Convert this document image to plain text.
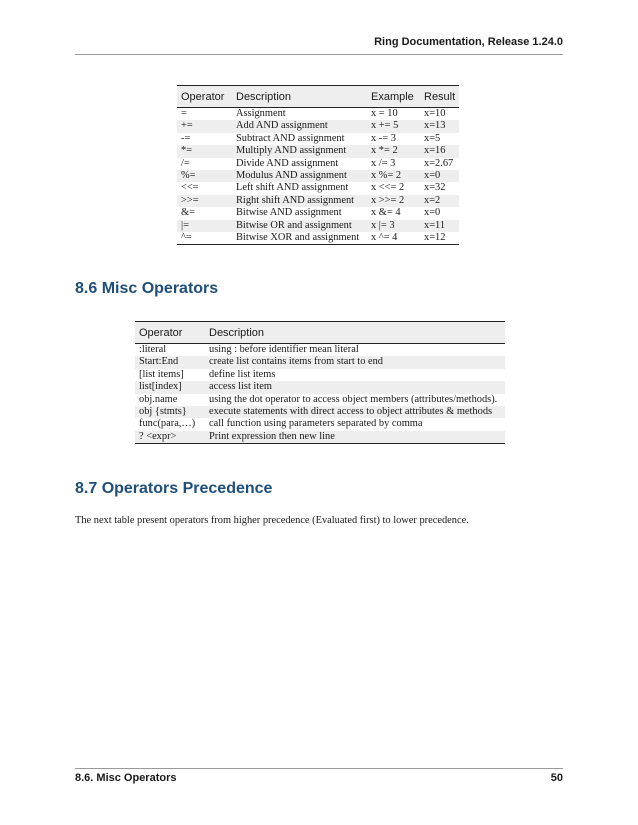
Ring Documentation, Release 1.24.0
Operator	Description	Example	Result
=	Assignment	x = 10	x=10
+=	Add AND assignment	x += 5	x=13
-=	Subtract AND assignment	x -= 3	x=5
*=	Multiply AND assignment	x *= 2	x=16
/=	Divide AND assignment	x /= 3	x=2.67
%=	Modulus AND assignment	x %= 2	x=0
<<=	Left shift AND assignment	x <<= 2	x=32
>>=	Right shift AND assignment	x >>= 2	x=2
&=	Bitwise AND assignment	x &= 4	x=0
|=	Bitwise OR and assignment	x |= 3	x=11
^=	Bitwise XOR and assignment	x ^= 4	x=12
8.6 Misc Operators
Operator	Description
:literal	using : before identifier mean literal
Start:End	create list contains items from start to end
[list items]	define list items
list[index]	access list item
obj.name	using the dot operator to access object members (attributes/methods).
obj {stmts}	execute statements with direct access to object attributes & methods
func(para,…)	call function using parameters separated by comma
? <expr>	Print expression then new line
8.7 Operators Precedence

The next table present operators from higher precedence (Evaluated first) to lower precedence.

8.6. Misc Operators	50
